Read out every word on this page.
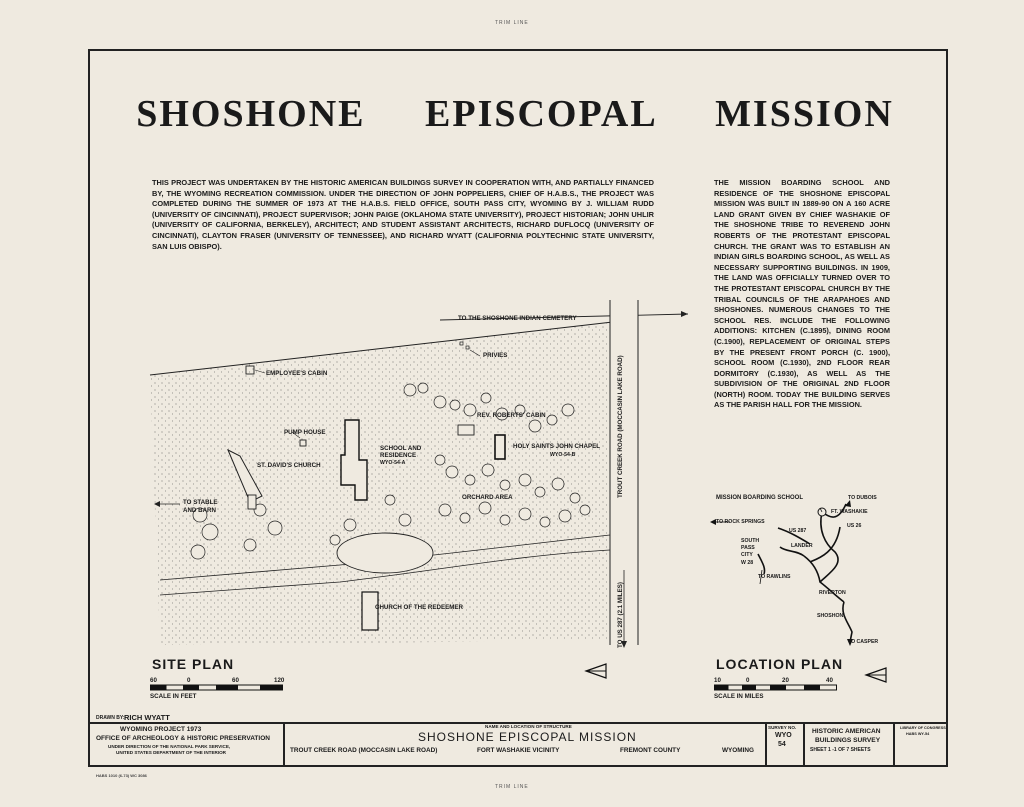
TRIM LINE
TRIM LINE
SHOSHONE EPISCOPAL MISSION
THIS PROJECT WAS UNDERTAKEN BY THE HISTORIC AMERICAN BUILDINGS SURVEY IN COOPERATION WITH, AND PARTIALLY FINANCED BY, THE WYOMING RECREATION COMMISSION. UNDER THE DIRECTION OF JOHN POPPELIERS, CHIEF OF H.A.B.S., THE PROJECT WAS COMPLETED DURING THE SUMMER OF 1973 AT THE H.A.B.S. FIELD OFFICE, SOUTH PASS CITY, WYOMING BY J. WILLIAM RUDD (UNIVERSITY OF CINCINNATI), PROJECT SUPERVISOR; JOHN PAIGE (OKLAHOMA STATE UNIVERSITY), PROJECT HISTORIAN; JOHN UHLIR (UNIVERSITY OF CALIFORNIA, BERKELEY), ARCHITECT; AND STUDENT ASSISTANT ARCHITECTS, RICHARD DUFLOCQ (UNIVERSITY OF CINCINNATI), CLAYTON FRASER (UNIVERSITY OF TENNESSEE), AND RICHARD WYATT (CALIFORNIA POLYTECHNIC STATE UNIVERSITY, SAN LUIS OBISPO).
THE MISSION BOARDING SCHOOL AND RESIDENCE OF THE SHOSHONE EPISCOPAL MISSION WAS BUILT IN 1889-90 ON A 160 ACRE LAND GRANT GIVEN BY CHIEF WASHAKIE OF THE SHOSHONE TRIBE TO REVEREND JOHN ROBERTS OF THE PROTESTANT EPISCOPAL CHURCH. THE GRANT WAS TO ESTABLISH AN INDIAN GIRLS BOARDING SCHOOL, AS WELL AS NECESSARY SUPPORTING BUILDINGS. IN 1909, THE LAND WAS OFFICIALLY TURNED OVER TO THE PROTESTANT EPISCOPAL CHURCH BY THE TRIBAL COUNCILS OF THE ARAPAHOES AND SHOSHONES. NUMEROUS CHANGES TO THE SCHOOL RES. INCLUDE THE FOLLOWING ADDITIONS: KITCHEN (C.1895), DINING ROOM (C.1900), REPLACEMENT OF ORIGINAL STEPS BY THE PRESENT FRONT PORCH (C. 1900), SCHOOL ROOM (C.1930), 2ND FLOOR REAR DORMITORY (C.1930), AS WELL AS THE SUBDIVISION OF THE ORIGINAL 2ND FLOOR (NORTH) ROOM. TODAY THE BUILDING SERVES AS THE PARISH HALL FOR THE MISSION.
TO THE SHOSHONE INDIAN CEMETERY
PRIVIES
EMPLOYEE'S CABIN
PUMP HOUSE
REV. ROBERTS' CABIN
SCHOOL AND
RESIDENCE
WYO-54-A
HOLY SAINTS JOHN CHAPEL
WYO-54-B
ST. DAVID'S CHURCH
ORCHARD AREA
TO STABLE
AND BARN
CHURCH OF THE REDEEMER
TROUT CREEK ROAD (MOCCASIN LAKE ROAD)
TO US 287 (2.1 MILES)
SITE PLAN
60	0	60	120
SCALE IN FEET
MISSION BOARDING SCHOOL	TO DUBOIS
TO ROCK SPRINGS
US 287
FT. WASHAKIE
US 26
SOUTH
PASS
CITY
LANDER
W 28
TO RAWLINS
RIVERTON
SHOSHONI
TO CASPER
LOCATION PLAN
10	0	20	40
SCALE IN MILES
DRAWN BY: RICH WYATT
WYOMING PROJECT 1973
OFFICE OF ARCHEOLOGY & HISTORIC PRESERVATION
UNDER DIRECTION OF THE NATIONAL PARK SERVICE,
UNITED STATES DEPARTMENT OF THE INTERIOR
NAME AND LOCATION OF STRUCTURE
SHOSHONE EPISCOPAL MISSION
TROUT CREEK ROAD (MOCCASIN LAKE ROAD)	FORT WASHAKIE VICINITY	FREMONT COUNTY	WYOMING
SURVEY NO.
WYO
54
HISTORIC AMERICAN
BUILDINGS SURVEY
SHEET 1 -1 OF 7 SHEETS
LIBRARY OF CONGRESS
HABS WY-54
HABS 1010 (6-73) WC 3086
